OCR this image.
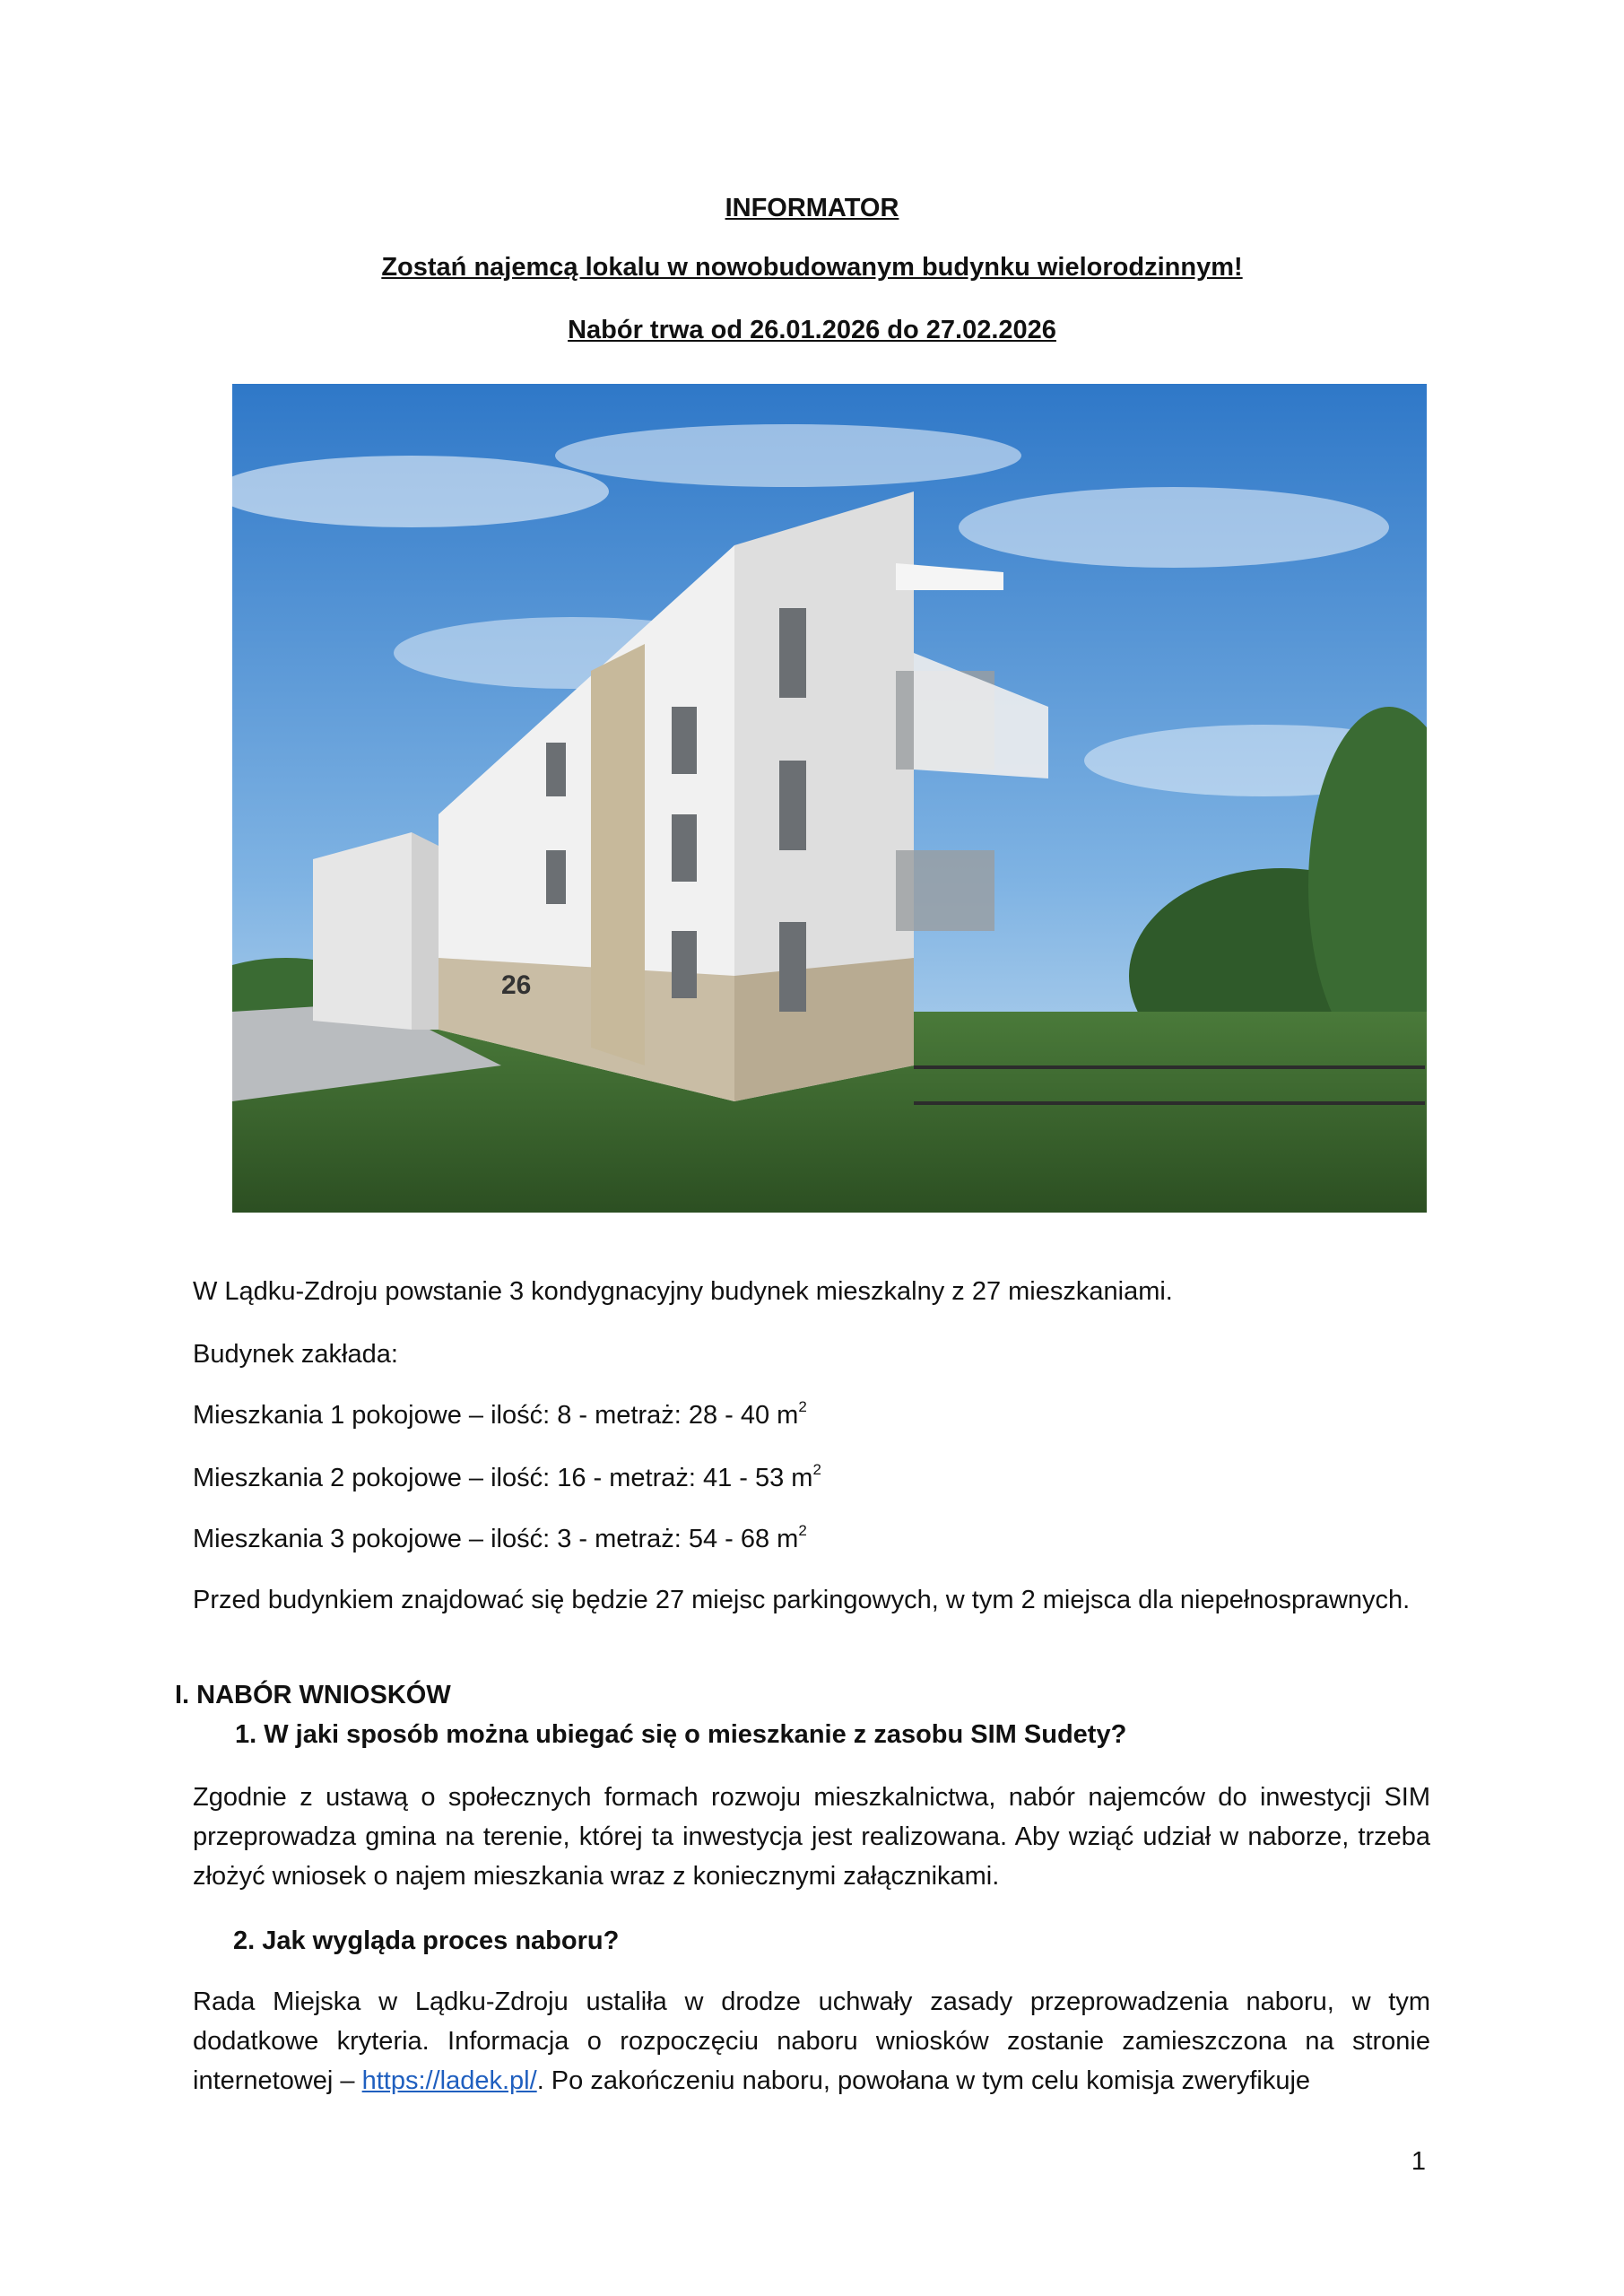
INFORMATOR
Zostań najemcą lokalu w nowobudowanym budynku wielorodzinnym!
Nabór trwa od 26.01.2026 do 27.02.2026
26
W Lądku-Zdroju powstanie 3 kondygnacyjny budynek mieszkalny z 27 mieszkaniami.
Budynek zakłada:
Mieszkania 1 pokojowe – ilość: 8 - metraż: 28 - 40 $m^2$
Mieszkania 2 pokojowe – ilość: 16 - metraż: 41 - 53 $m^2$
Mieszkania 3 pokojowe – ilość: 3 - metraż: 54 - 68 $m^2$
Przed budynkiem znajdować się będzie 27 miejsc parkingowych, w tym 2 miejsca dla niepełnosprawnych.
I. NABÓR WNIOSKÓW
1. W jaki sposób można ubiegać się o mieszkanie z zasobu SIM Sudety?
Zgodnie z ustawą o społecznych formach rozwoju mieszkalnictwa, nabór najemców do inwestycji SIM przeprowadza gmina na terenie, której ta inwestycja jest realizowana. Aby wziąć udział w naborze, trzeba złożyć wniosek o najem mieszkania wraz z koniecznymi załącznikami.
2. Jak wygląda proces naboru?
Rada Miejska w Lądku-Zdroju ustaliła w drodze uchwały zasady przeprowadzenia naboru, w tym dodatkowe kryteria. Informacja o rozpoczęciu naboru wniosków zostanie zamieszczona na stronie internetowej – https://ladek.pl/. Po zakończeniu naboru, powołana w tym celu komisja zweryfikuje
1
